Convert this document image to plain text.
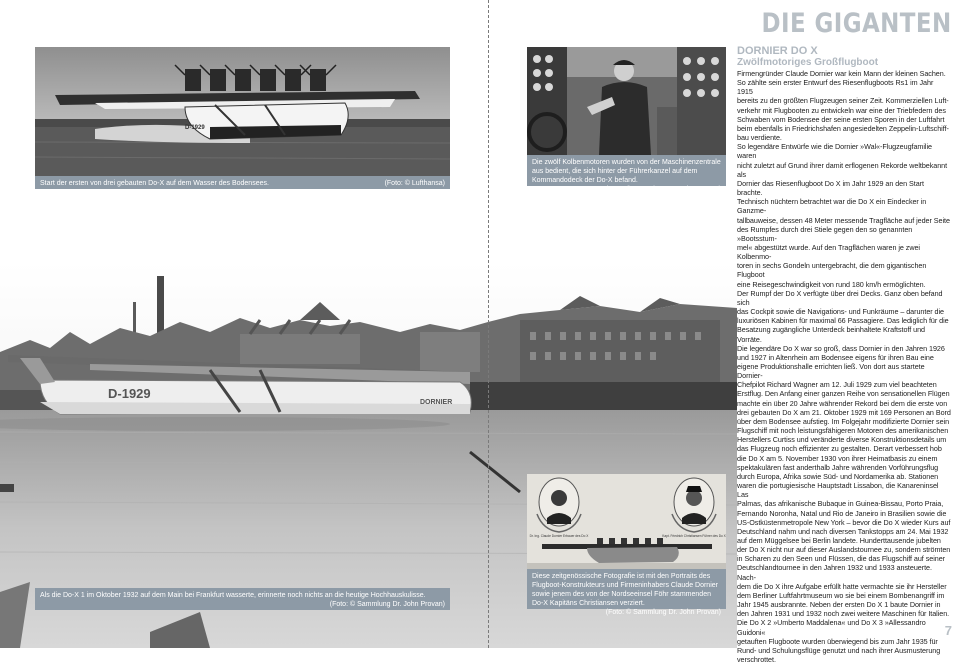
D-1929
DORNIER
D-1929
Start der ersten von drei gebauten Do-X auf dem Wasser des Bodensees.	(Foto: © Lufthansa)
Die zwölf Kolbenmotoren wurden von der Maschinenzentrale aus bedient, die sich hinter der Führerkanzel auf dem Kommandodeck der Do-X befand.
(Foto: © Sammlung Dr. John Provan)
Dr. Ing. Claude Dornier Erbauer des Do X	Kapt. Friedrich Christiansen Führer des Do X
Diese zeitgenössische Fotografie ist mit den Portraits des Flugboot-Konstrukteurs und Firmeninhabers Claude Dornier sowie jenem des von der Nordseeinsel Föhr stammenden Do-X Kapitäns Christiansen verziert.
(Foto: © Sammlung Dr. John Provan)
Als die Do-X 1 im Oktober 1932 auf dem Main bei Frankfurt wasserte, erinnerte noch nichts an die heutige Hochhauskulisse.
(Foto: © Sammlung Dr. John Provan)
DIE GIGANTEN
DORNIER DO X
Zwölfmotoriges Großflugboot
Firmengründer Claude Dornier war kein Mann der kleinen Sachen.
So zählte sein erster Entwurf des Riesenflugboots Rs1 im Jahr 1915
bereits zu den größten Flugzeugen seiner Zeit. Kommerziellen Luft-
verkehr mit Flugbooten zu entwickeln war eine der Triebfedern des
Schwaben vom Bodensee der seine ersten Sporen in der Luftfahrt
beim ebenfalls in Friedrichshafen angesiedelten Zeppelin-Luftschiff-
bau verdiente.
So legendäre Entwürfe wie die Dornier »Wal«-Flugzeugfamilie waren
nicht zuletzt auf Grund ihrer damit erflogenen Rekorde weltbekannt als
Dornier das Riesenflugboot Do X im Jahr 1929 an den Start brachte.
Technisch nüchtern betrachtet war die Do X ein Eindecker in Ganzme-
tallbauweise, dessen 48 Meter messende Tragfläche auf jeder Seite
des Rumpfes durch drei Stiele gegen den so genannten »Bootsstum-
mel« abgestützt wurde. Auf den Tragflächen waren je zwei Kolbenmo-
toren in sechs Gondeln untergebracht, die dem gigantischen Flugboot
eine Reisegeschwindigkeit von rund 180 km/h ermöglichten.
Der Rumpf der Do X verfügte über drei Decks. Ganz oben befand sich
das Cockpit sowie die Navigations- und Funkräume – darunter die
luxuriösen Kabinen für maximal 66 Passagiere. Das lediglich für die
Besatzung zugängliche Unterdeck beinhaltete Kraftstoff und Vorräte.
Die legendäre Do X war so groß, dass Dornier in den Jahren 1926
und 1927 in Altenrhein am Bodensee eigens für ihren Bau eine
eigene Produktionshalle errichten ließ. Von dort aus startete Dornier-
Chefpilot Richard Wagner am 12. Juli 1929 zum viel beachteten
Erstflug. Den Anfang einer ganzen Reihe von sensationellen Flügen
machte ein über 20 Jahre währender Rekord bei dem die erste von
drei gebauten Do X am 21. Oktober 1929 mit 169 Personen an Bord
über dem Bodensee aufstieg. Im Folgejahr modifizierte Dornier sein
Flugschiff mit noch leistungsfähigeren Motoren des amerikanischen
Herstellers Curtiss und veränderte diverse Konstruktionsdetails um
das Flugzeug noch effizienter zu gestalten. Derart verbessert hob
die Do X am 5. November 1930 von ihrer Heimatbasis zu einem
spektakulären fast anderthalb Jahre währenden Vorführungsflug
durch Europa, Afrika sowie Süd- und Nordamerika ab. Stationen
waren die portugiesische Hauptstadt Lissabon, die Kanareninsel Las
Palmas, das afrikanische Bubaque in Guinea-Bissau, Porto Praia,
Fernando Noronha, Natal und Rio de Janeiro in Brasilien sowie die
US-Ostküstenmetropole New York – bevor die Do X wieder Kurs auf
Deutschland nahm und nach diversen Tankstopps am 24. Mai 1932
auf dem Müggelsee bei Berlin landete. Hunderttausende jubelten
der Do X nicht nur auf dieser Auslandstournee zu, sondern strömten
in Scharen zu den Seen und Flüssen, die das Flugschiff auf seiner
Deutschlandtournee in den Jahren 1932 und 1933 ansteuerte. Nach-
dem die Do X ihre Aufgabe erfüllt hatte vermachte sie ihr Hersteller
dem Berliner Luftfahrtmuseum wo sie bei einem Bombenangriff im
Jahr 1945 ausbrannte. Neben der ersten Do X 1 baute Dornier in
den Jahren 1931 und 1932 noch zwei weitere Maschinen für Italien.
Die Do X 2 »Umberto Maddalena« und Do X 3 »Allessandro Guidoni«
getauften Flugboote wurden überwiegend bis zum Jahr 1935 für
Rund- und Schulungsflüge genutzt und nach ihrer Ausmusterung
verschrottet.
7
